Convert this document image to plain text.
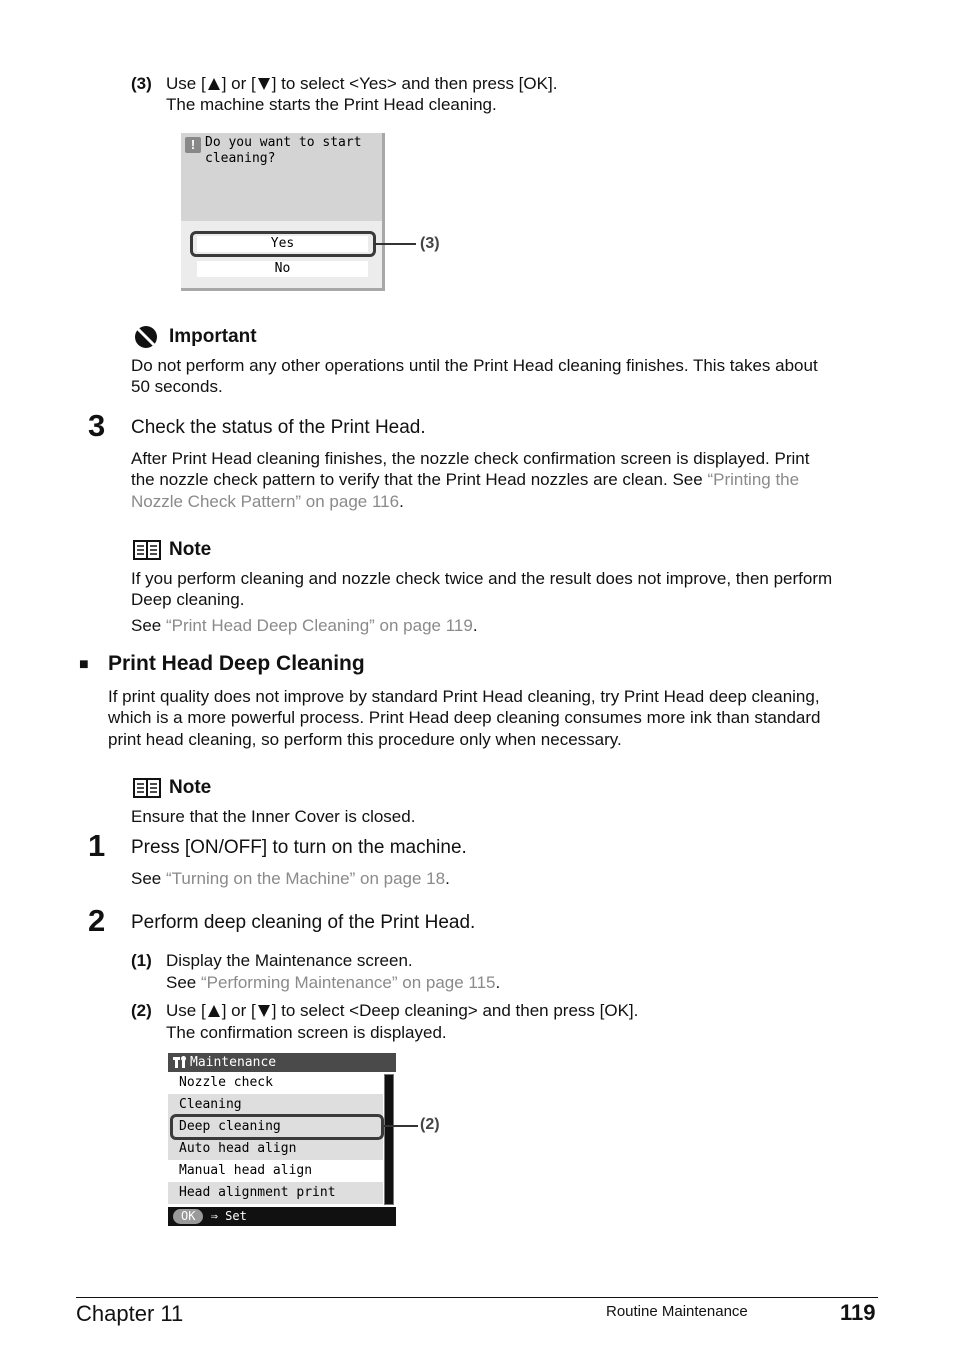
(3) Use [ ] or [ ] to select <Yes> and then press [OK].
The machine starts the Print Head cleaning.
! Do you want to start
cleaning?
Yes
No
(3)
Important
Do not perform any other operations until the Print Head cleaning finishes. This takes about
50 seconds.
3 Check the status of the Print Head.
After Print Head cleaning finishes, the nozzle check confirmation screen is displayed. Print
the nozzle check pattern to verify that the Print Head nozzles are clean. See “Printing the
Nozzle Check Pattern” on page 116.
Note
If you perform cleaning and nozzle check twice and the result does not improve, then perform
Deep cleaning.
See “Print Head Deep Cleaning” on page 119.
■ Print Head Deep Cleaning
If print quality does not improve by standard Print Head cleaning, try Print Head deep cleaning,
which is a more powerful process. Print Head deep cleaning consumes more ink than standard
print head cleaning, so perform this procedure only when necessary.
Note
Ensure that the Inner Cover is closed.
1 Press [ON/OFF] to turn on the machine.
See “Turning on the Machine” on page 18.
2 Perform deep cleaning of the Print Head.
(1) Display the Maintenance screen.
See “Performing Maintenance” on page 115.
(2) Use [ ] or [ ] to select <Deep cleaning> and then press [OK].
The confirmation screen is displayed.
Maintenance
Nozzle check
Cleaning
Deep cleaning
Auto head align
Manual head align
Head alignment print
OK ⇒ Set
(2)
Chapter 11	Routine Maintenance	119
